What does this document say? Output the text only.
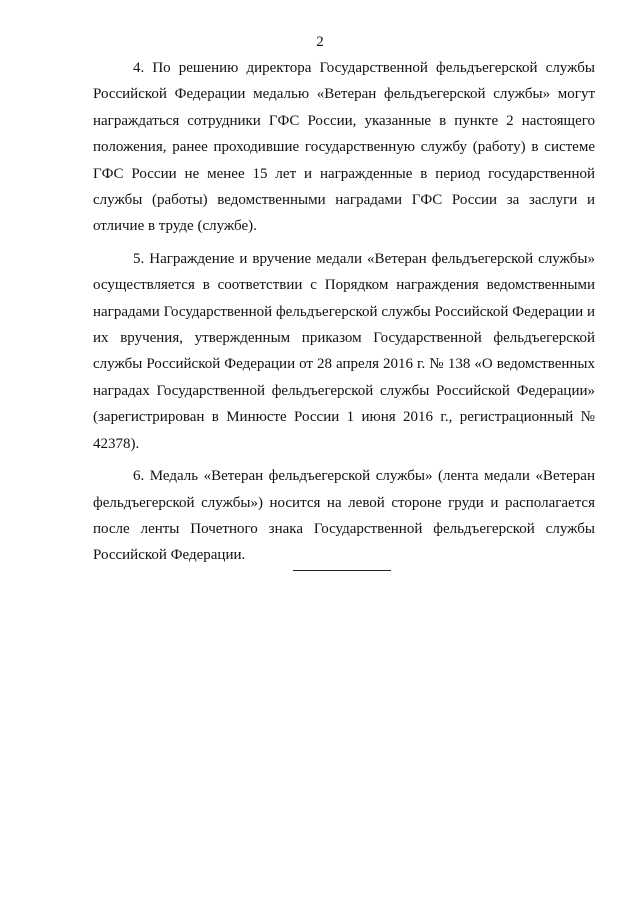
2

4. По решению директора Государственной фельдъегерской службы Российской Федерации медалью «Ветеран фельдъегерской службы» могут награждаться сотрудники ГФС России, указанные в пункте 2 настоящего положения, ранее проходившие государственную службу (работу) в системе ГФС России не менее 15 лет и награжденные в период государственной службы (работы) ведомственными наградами ГФС России за заслуги и отличие в труде (службе).

5. Награждение и вручение медали «Ветеран фельдъегерской службы» осуществляется в соответствии с Порядком награждения ведомственными наградами Государственной фельдъегерской службы Российской Федерации и их вручения, утвержденным приказом Государственной фельдъегерской службы Российской Федерации от 28 апреля 2016 г. № 138 «О ведомственных наградах Государственной фельдъегерской службы Российской Федерации» (зарегистрирован в Минюсте России 1 июня 2016 г., регистрационный № 42378).

6. Медаль «Ветеран фельдъегерской службы» (лента медали «Ветеран фельдъегерской службы») носится на левой стороне груди и располагается после ленты Почетного знака Государственной фельдъегерской службы Российской Федерации.
